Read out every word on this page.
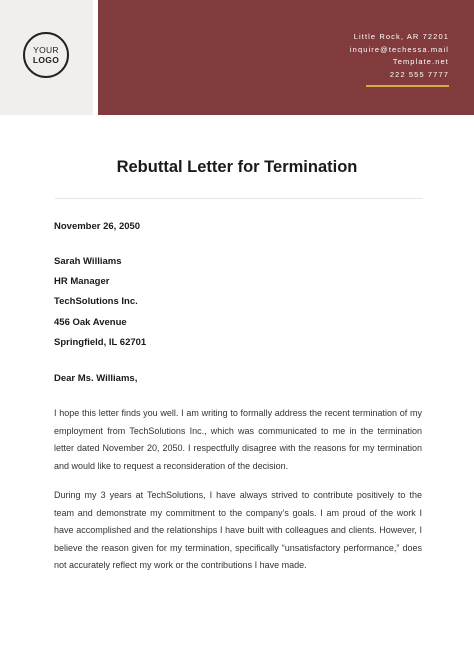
YOUR
LOGO
Little Rock, AR 72201
inquire@techessa.mail
Template.net
222 555 7777
Rebuttal Letter for Termination
November 26, 2050
Sarah Williams
HR Manager
TechSolutions Inc.
456 Oak Avenue
Springfield, IL 62701
Dear Ms. Williams,
I hope this letter finds you well. I am writing to formally address the recent termination of my employment from TechSolutions Inc., which was communicated to me in the termination letter dated November 20, 2050. I respectfully disagree with the reasons for my termination and would like to request a reconsideration of the decision.
During my 3 years at TechSolutions, I have always strived to contribute positively to the team and demonstrate my commitment to the company’s goals. I am proud of the work I have accomplished and the relationships I have built with colleagues and clients. However, I believe the reason given for my termination, specifically “unsatisfactory performance,” does not accurately reflect my work or the contributions I have made.
